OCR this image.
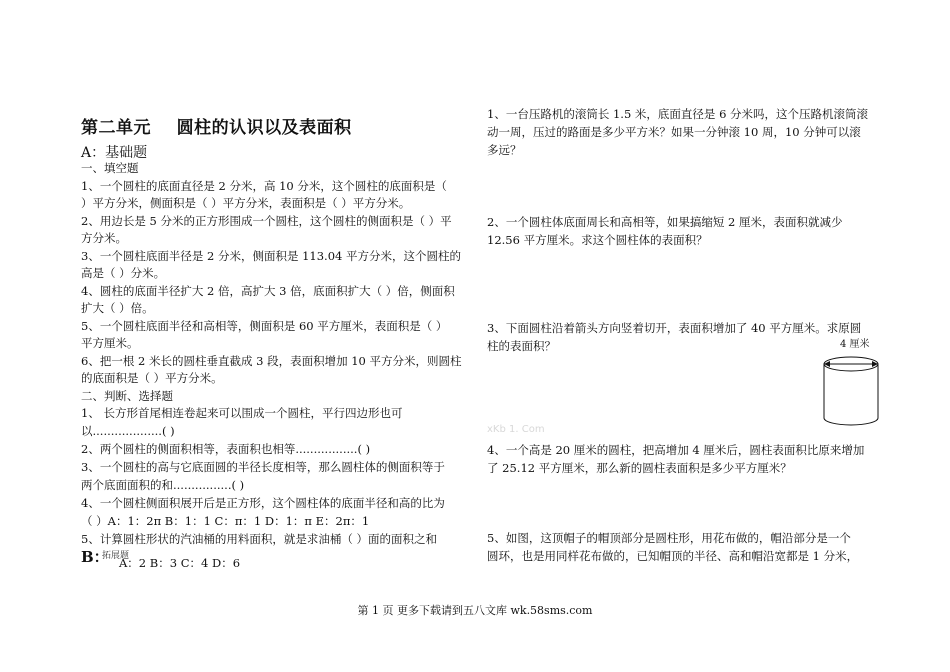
第二单元    圆柱的认识以及表面积
A：基础题

一、填空题

1、一个圆柱的底面直径是 2 分米，高 10 分米，这个圆柱的底面积是（

）平方分米，侧面积是（ ）平方分米，表面积是（ ）平方分米。

2、用边长是 5 分米的正方形围成一个圆柱，这个圆柱的侧面积是（ ）平

方分米。

3、一个圆柱底面半径是 2 分米，侧面积是 113.04 平方分米，这个圆柱的

高是（ ）分米。

4、圆柱的底面半径扩大 2 倍，高扩大 3 倍，底面积扩大（ ）倍，侧面积

扩大（ ）倍。

5、一个圆柱底面半径和高相等，侧面积是 60 平方厘米，表面积是（ ）

平方厘米。

6、把一根 2 米长的圆柱垂直截成 3 段，表面积增加 10 平方分米，则圆柱

的底面积是（ ）平方分米。

二、判断、选择题

1、 长方形首尾相连卷起来可以围成一个圆柱，平行四边形也可

以...................( )

2、两个圆柱的侧面积相等，表面积也相等.................( )

3、一个圆柱的高与它底面圆的半径长度相等，那么圆柱体的侧面积等于

两个底面面积的和................( )

4、一个圆柱侧面积展开后是正方形，这个圆柱体的底面半径和高的比为

（ ）A：1：2π B：1：1 C：π：1 D：1：π E：2π：1

5、计算圆柱形状的汽油桶的用料面积，就是求油桶（ ）面的面积之和

A：2 B：3 C：4 D：6

B：
拓展题

1、一台压路机的滚筒长 1.5 米，底面直径是 6 分米吗，这个压路机滚筒滚

动一周，压过的路面是多少平方米？如果一分钟滚 10 周，10 分钟可以滚

多远？

2、一个圆柱体底面周长和高相等，如果搞缩短 2 厘米，表面积就减少

12.56 平方厘米。求这个圆柱体的表面积？

3、下面圆柱沿着箭头方向竖着切开，表面积增加了 40 平方厘米。求原圆

柱的表面积？

4、一个高是 20 厘米的圆柱，把高增加 4 厘米后，圆柱表面积比原来增加

了 25.12 平方厘米，那么新的圆柱表面积是多少平方厘米？

5、如图，这顶帽子的帽顶部分是圆柱形，用花布做的，帽沿部分是一个

圆环，也是用同样花布做的，已知帽顶的半径、高和帽沿宽都是 1 分米，

4 厘米
xKb 1. Com
第 1 页 更多下载请到五八文库 wk.58sms.com
